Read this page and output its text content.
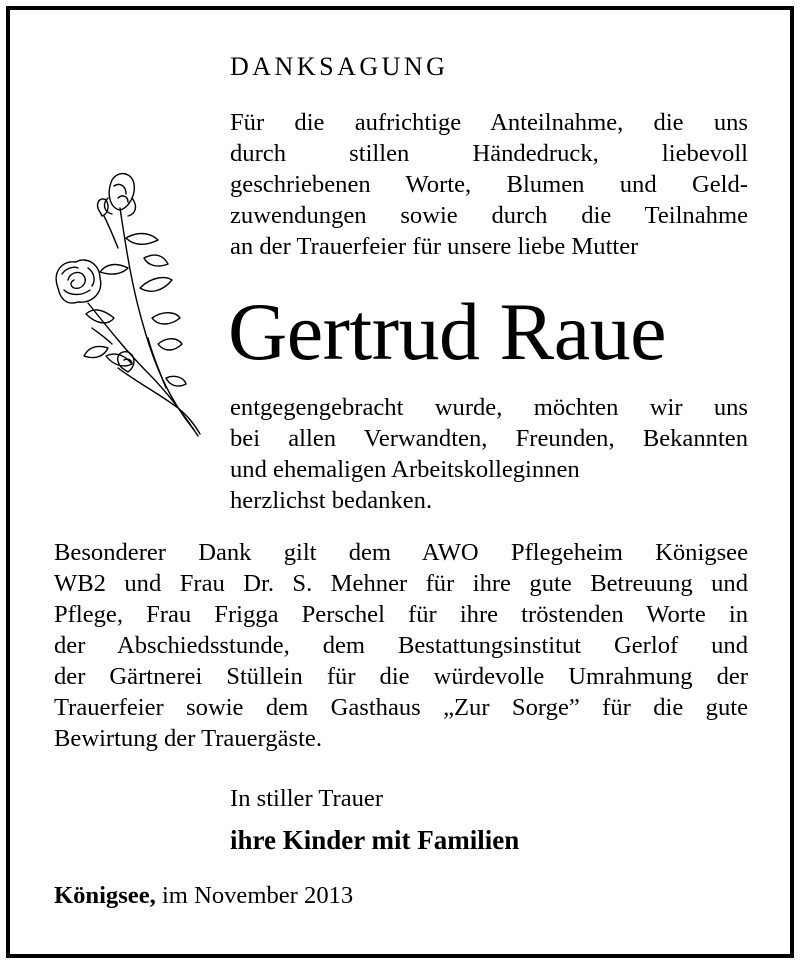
DANKSAGUNG
Für die aufrichtige Anteilnahme, die uns
durch stillen Händedruck, liebevoll
geschriebenen Worte, Blumen und Geld-
zuwendungen sowie durch die Teilnahme
an der Trauerfeier für unsere liebe Mutter
Gertrud Raue
entgegengebracht wurde, möchten wir uns
bei allen Verwandten, Freunden, Bekannten
und ehemaligen Arbeitskolleginnen
herzlichst bedanken.
Besonderer Dank gilt dem AWO Pflegeheim Königsee
WB2 und Frau Dr. S. Mehner für ihre gute Betreuung und
Pflege, Frau Frigga Perschel für ihre tröstenden Worte in
der Abschiedsstunde, dem Bestattungsinstitut Gerlof und
der Gärtnerei Stüllein für die würdevolle Umrahmung der
Trauerfeier sowie dem Gasthaus „Zur Sorge” für die gute
Bewirtung der Trauergäste.
In stiller Trauer
ihre Kinder mit Familien
Königsee, im November 2013
